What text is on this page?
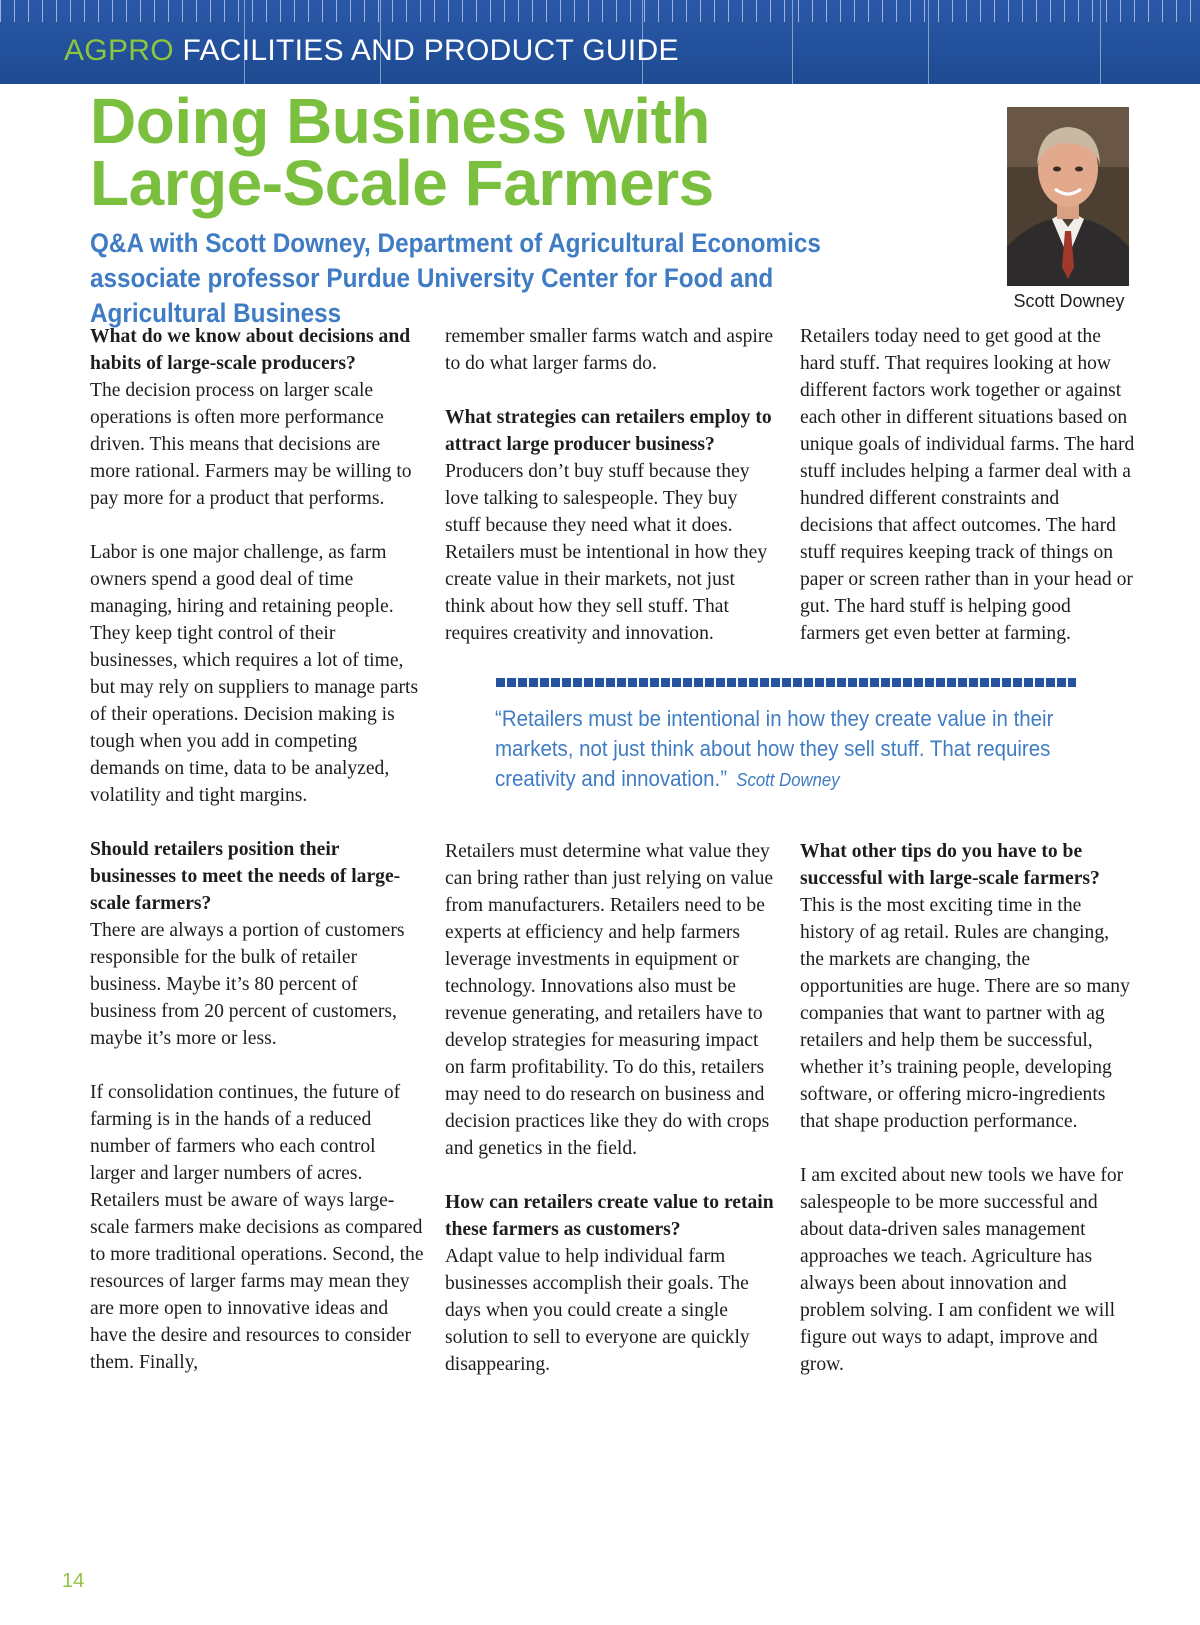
AGPRO FACILITIES AND PRODUCT GUIDE
Doing Business with
Large-Scale Farmers

Q&A with Scott Downey, Department of Agricultural Economics associate professor Purdue University Center for Food and Agricultural Business	Scott Downey

What do we know about decisions and habits of large-scale producers?
The decision process on larger scale operations is often more performance driven. This means that decisions are more rational. Farmers may be willing to pay more for a product that performs.

Labor is one major challenge, as farm owners spend a good deal of time managing, hiring and retaining people. They keep tight control of their businesses, which requires a lot of time, but may rely on suppliers to manage parts of their operations. Decision making is tough when you add in competing demands on time, data to be analyzed, volatility and tight margins.

Should retailers position their businesses to meet the needs of large-scale farmers?
There are always a portion of customers responsible for the bulk of retailer business. Maybe it’s 80 percent of business from 20 percent of customers, maybe it’s more or less.

If consolidation continues, the future of farming is in the hands of a reduced number of farmers who each control larger and larger numbers of acres. Retailers must be aware of ways large-scale farmers make decisions as compared to more traditional operations. Second, the resources of larger farms may mean they are more open to innovative ideas and have the desire and resources to consider them. Finally,

remember smaller farms watch and aspire to do what larger farms do.

What strategies can retailers employ to attract large producer business?
Producers don’t buy stuff because they love talking to salespeople. They buy stuff because they need what it does. Retailers must be intentional in how they create value in their markets, not just think about how they sell stuff. That requires creativity and innovation.

Retailers today need to get good at the hard stuff. That requires looking at how different factors work together or against each other in different situations based on unique goals of individual farms. The hard stuff includes helping a farmer deal with a hundred different constraints and decisions that affect outcomes. The hard stuff requires keeping track of things on paper or screen rather than in your head or gut. The hard stuff is helping good farmers get even better at farming.

“Retailers must be intentional in how they create value in their markets, not just think about how they sell stuff. That requires creativity and innovation.” Scott Downey

Retailers must determine what value they can bring rather than just relying on value from manufacturers. Retailers need to be experts at efficiency and help farmers leverage investments in equipment or technology. Innovations also must be revenue generating, and retailers have to develop strategies for measuring impact on farm profitability. To do this, retailers may need to do research on business and decision practices like they do with crops and genetics in the field.

How can retailers create value to retain these farmers as customers?
Adapt value to help individual farm businesses accomplish their goals. The days when you could create a single solution to sell to everyone are quickly disappearing.

What other tips do you have to be successful with large-scale farmers?
This is the most exciting time in the history of ag retail. Rules are changing, the markets are changing, the opportunities are huge. There are so many companies that want to partner with ag retailers and help them be successful, whether it’s training people, developing software, or offering micro-ingredients that shape production performance.

I am excited about new tools we have for salespeople to be more successful and about data-driven sales management approaches we teach. Agriculture has always been about innovation and problem solving. I am confident we will figure out ways to adapt, improve and grow.

14
